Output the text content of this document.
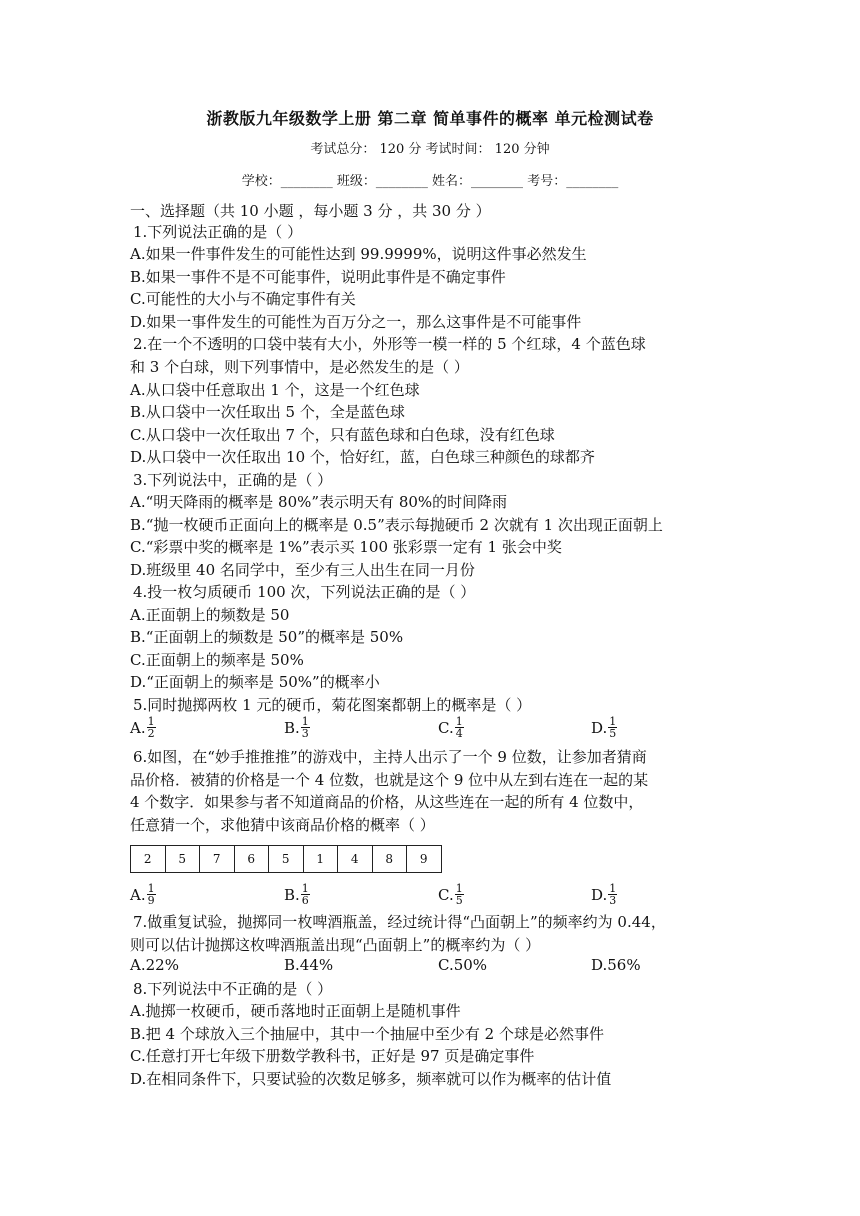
浙教版九年级数学上册 第二章 简单事件的概率 单元检测试卷
考试总分： 120 分 考试时间： 120 分钟
学校：________ 班级：________ 姓名：________ 考号：________
一、选择题（共 10 小题 ，每小题 3 分 ，共 30 分 ）
1.下列说法正确的是（ ）
A.如果一件事件发生的可能性达到 99.9999%，说明这件事必然发生
B.如果一事件不是不可能事件，说明此事件是不确定事件
C.可能性的大小与不确定事件有关
D.如果一事件发生的可能性为百万分之一，那么这事件是不可能事件
2.在一个不透明的口袋中装有大小，外形等一模一样的 5 个红球，4 个蓝色球
和 3 个白球，则下列事情中，是必然发生的是（ ）
A.从口袋中任意取出 1 个，这是一个红色球
B.从口袋中一次任取出 5 个，全是蓝色球
C.从口袋中一次任取出 7 个，只有蓝色球和白色球，没有红色球
D.从口袋中一次任取出 10 个，恰好红，蓝，白色球三种颜色的球都齐
3.下列说法中，正确的是（ ）
A.“明天降雨的概率是 80%”表示明天有 80%的时间降雨
B.“抛一枚硬币正面向上的概率是 0.5”表示每抛硬币 2 次就有 1 次出现正面朝上
C.“彩票中奖的概率是 1%”表示买 100 张彩票一定有 1 张会中奖
D.班级里 40 名同学中，至少有三人出生在同一月份
4.投一枚匀质硬币 100 次，下列说法正确的是（ ）
A.正面朝上的频数是 50
B.“正面朝上的频数是 50”的概率是 50%
C.正面朝上的频率是 50%
D.“正面朝上的频率是 50%”的概率小
5.同时抛掷两枚 1 元的硬币，菊花图案都朝上的概率是（ ）
A. $\frac{1}{2}$	B. $\frac{1}{3}$	C. $\frac{1}{4}$	D. $\frac{1}{5}$
6.如图，在“妙手推推推”的游戏中，主持人出示了一个 9 位数，让参加者猜商
品价格．被猜的价格是一个 4 位数，也就是这个 9 位中从左到右连在一起的某
4 个数字．如果参与者不知道商品的价格，从这些连在一起的所有 4 位数中，
任意猜一个，求他猜中该商品价格的概率（ ）
2	5	7	6	5	1	4	8	9
A. $\frac{1}{9}$	B. $\frac{1}{6}$	C. $\frac{1}{5}$	D. $\frac{1}{3}$
7.做重复试验，抛掷同一枚啤酒瓶盖，经过统计得“凸面朝上”的频率约为 0.44，
则可以估计抛掷这枚啤酒瓶盖出现“凸面朝上”的概率约为（ ）
A.22%	B.44%	C.50%	D.56%
8.下列说法中不正确的是（ ）
A.抛掷一枚硬币，硬币落地时正面朝上是随机事件
B.把 4 个球放入三个抽屉中，其中一个抽屉中至少有 2 个球是必然事件
C.任意打开七年级下册数学教科书，正好是 97 页是确定事件
D.在相同条件下，只要试验的次数足够多，频率就可以作为概率的估计值
